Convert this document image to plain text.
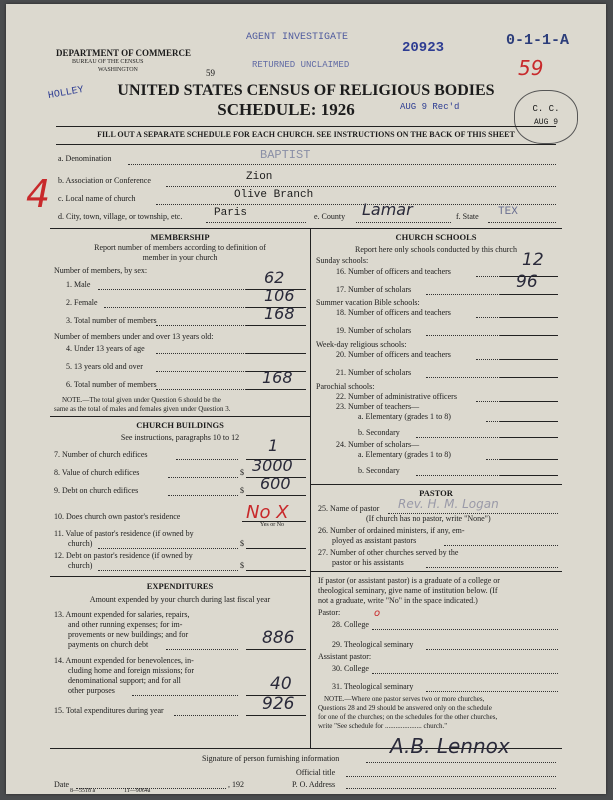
DEPARTMENT OF COMMERCE
BUREAU OF THE CENSUS
WASHINGTON
AGENT INVESTIGATE
RETURNED UNCLAIMED
59
20923	0-1-1-A
59
HOLLEY UNITED STATES CENSUS OF RELIGIOUS BODIES
SCHEDULE: 1926	AUG 9 Rec'd	C. C.
AUG 9
FILL OUT A SEPARATE SCHEDULE FOR EACH CHURCH. SEE INSTRUCTIONS ON THE BACK OF THIS SHEET
4
a. Denomination	BAPTIST
b. Association or Conference	Zion
c. Local name of church	Olive Branch
d. City, town, village, or township, etc.	Paris	e. County Lamar	f. State TEX
MEMBERSHIP
Report number of members according to definition of
member in your church
Number of members, by sex:
1. Male	62
2. Female	106
3. Total number of members	168
Number of members under and over 13 years old:
4. Under 13 years of age
5. 13 years old and over
6. Total number of members	168
NOTE.—The total given under Question 6 should be the
same as the total of males and females given under Question 3.
CHURCH BUILDINGS
See instructions, paragraphs 10 to 12
7. Number of church edifices	1
8. Value of church edifices	$ 3000
9. Debt on church edifices	$ 600
10. Does church own pastor's residence	No X
Yes or No
11. Value of pastor's residence (if owned by
church)	$
12. Debt on pastor's residence (if owned by
church)	$
EXPENDITURES
Amount expended by your church during last fiscal year
13. Amount expended for salaries, repairs,
and other running expenses; for im-
provements or new buildings; and for
payments on church debt	886
14. Amount expended for benevolences, in-
cluding home and foreign missions; for
denominational support; and for all
other purposes	40
15. Total expenditures during year	926
CHURCH SCHOOLS
Report here only schools conducted by this church
Sunday schools:
16. Number of officers and teachers
12
17. Number of scholars	96
Summer vacation Bible schools:
18. Number of officers and teachers
19. Number of scholars
Week-day religious schools:
20. Number of officers and teachers
21. Number of scholars
Parochial schools:
22. Number of administrative officers
23. Number of teachers—
a. Elementary (grades 1 to 8)
b. Secondary
24. Number of scholars—
a. Elementary (grades 1 to 8)
b. Secondary
PASTOR
25. Name of pastor Rev. H. M. Logan
(If church has no pastor, write "None")
26. Number of ordained ministers, if any, em-
ployed as assistant pastors
27. Number of other churches served by the
pastor or his assistants
If pastor (or assistant pastor) is a graduate of a college or
theological seminary, give name of institution below. (If
not a graduate, write "No" in the space indicated.)
Pastor:
28. College
o
29. Theological seminary
Assistant pastor:
30. College
31. Theological seminary
NOTE.—Where one pastor serves two or more churches,
Questions 28 and 29 should be answered only on the schedule
for one of the churches; on the schedules for the other churches,
write "See schedule for ..................... church."
Signature of person furnishing information
A.B. Lennox
Official title
Date	, 192	P. O. Address
8—5518 a	11—9064a
